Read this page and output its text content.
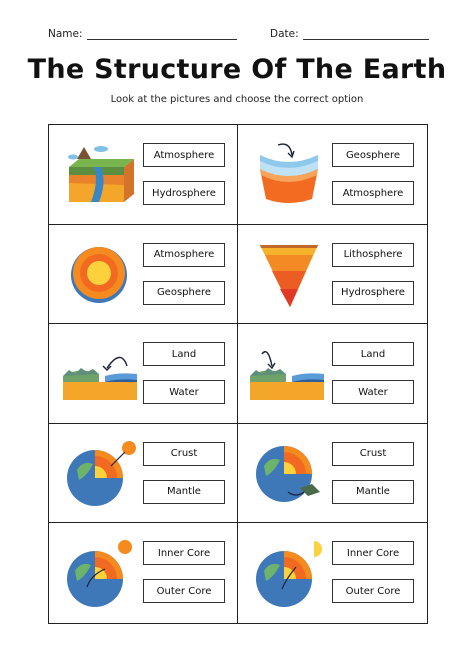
Name:	Date:
The Structure Of The Earth
Look at the pictures and choose the correct option
Atmosphere
Hydrosphere
Geosphere
Atmosphere
Atmosphere
Geosphere
Lithosphere
Hydrosphere
Land
Water
Land
Water
Crust
Mantle
Crust
Mantle
Inner Core
Outer Core
Inner Core
Outer Core
